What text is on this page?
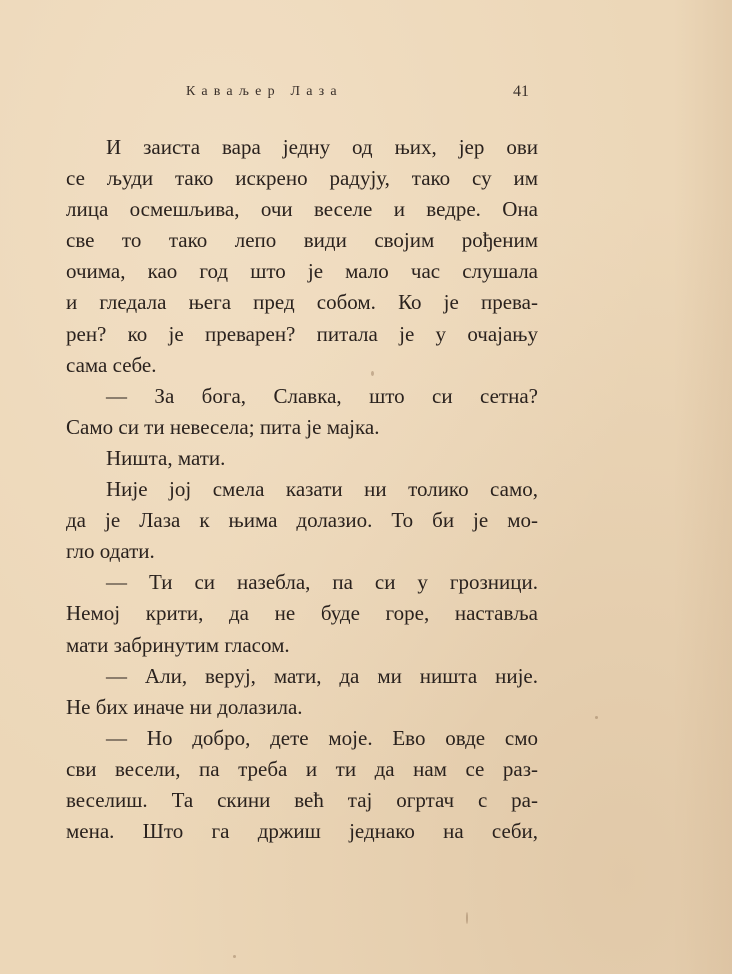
Каваљер Лаза	41
И заиста вара једну од њих, јер ови
се људи тако искрено радују, тако су им
лица осмешљива, очи веселе и ведре. Она
све то тако лепо види својим рођеним
очима, као год што је мало час слушала
и гледала њега пред собом. Ко је прева-
рен? ко је преварен? питала је у очајању
сама себе.
— За бога, Славка, што си сетна?
Само си ти невесела; пита је мајка.
Ништа, мати.
Није јој смела казати ни толико само,
да је Лаза к њима долазио. То би је мо-
гло одати.
— Ти си назебла, па си у грозници.
Немој крити, да не буде горе, наставља
мати забринутим гласом.
— Али, веруј, мати, да ми ништа није.
Не бих иначе ни долазила.
— Но добро, дете моје. Ево овде смо
сви весели, па треба и ти да нам се раз-
веселиш. Та скини већ тај огртач с ра-
мена. Што га држиш једнако на себи,
